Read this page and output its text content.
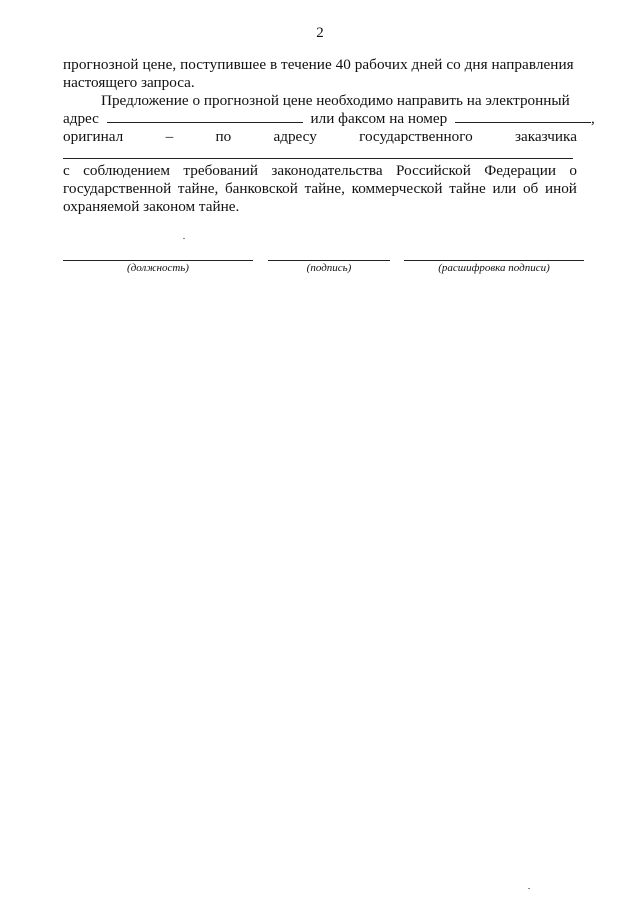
2
прогнозной цене, поступившее в течение 40 рабочих дней со дня направления
настоящего запроса.
Предложение о прогнозной цене необходимо направить на электронный
адрес	или факсом на номер	,
оригинал	–	по	адресу	государственного	заказчика
с соблюдением требований законодательства Российской Федерации о
государственной тайне, банковской тайне, коммерческой тайне или об иной
охраняемой законом тайне.
(должность)	(подпись)	(расшифровка подписи)
